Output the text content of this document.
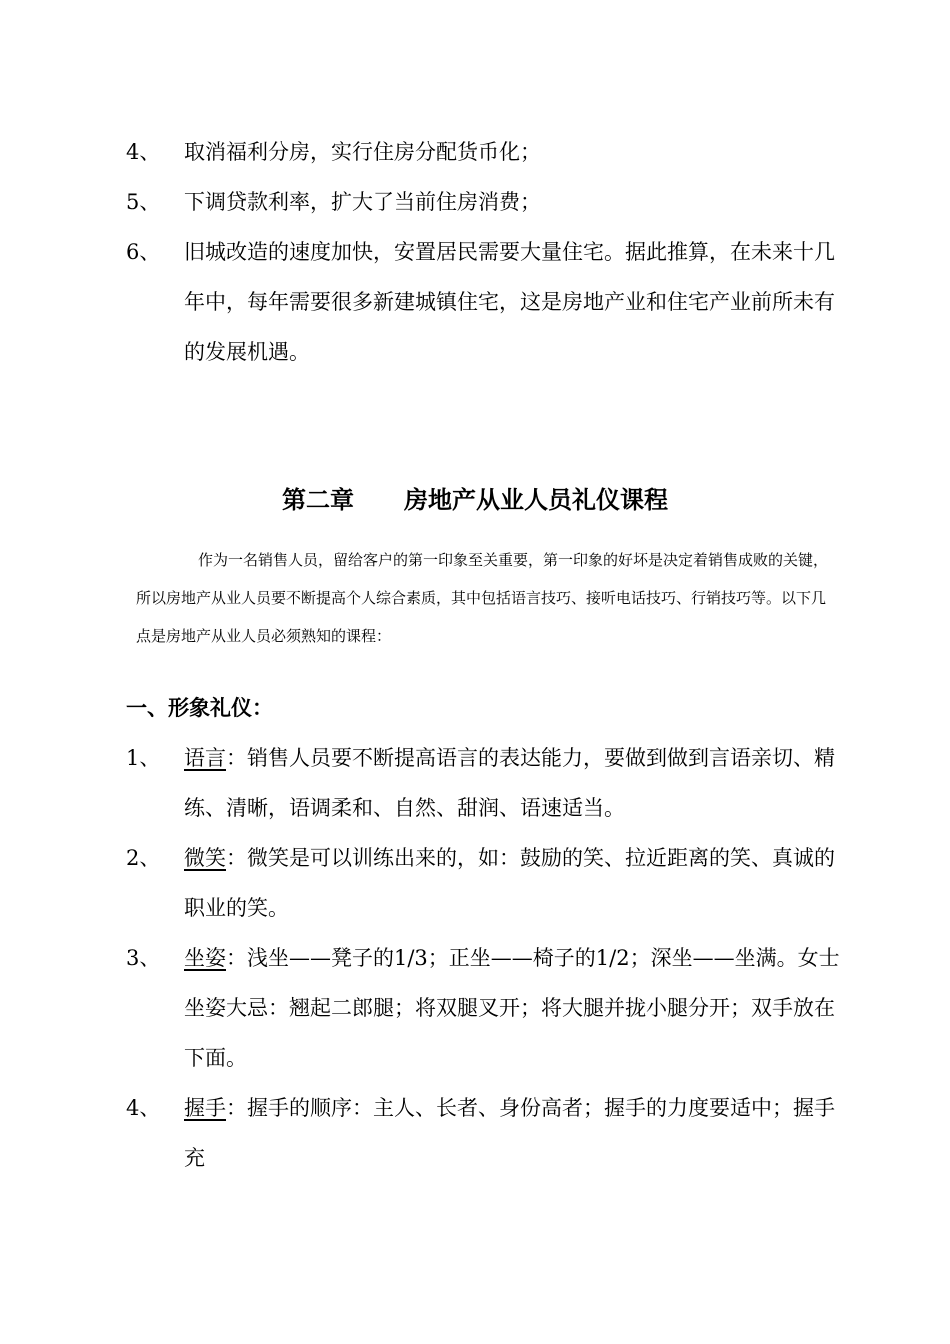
4、 取消福利分房，实行住房分配货币化；
5、 下调贷款利率，扩大了当前住房消费；
6、 旧城改造的速度加快，安置居民需要大量住宅。据此推算，在未来十几年中，每年需要很多新建城镇住宅，这是房地产业和住宅产业前所未有的发展机遇。
第二章 房地产从业人员礼仪课程
作为一名销售人员，留给客户的第一印象至关重要，第一印象的好坏是决定着销售成败的关键，所以房地产从业人员要不断提高个人综合素质，其中包括语言技巧、接听电话技巧、行销技巧等。以下几点是房地产从业人员必须熟知的课程：
一、形象礼仪：
1、 语言：销售人员要不断提高语言的表达能力，要做到做到言语亲切、精练、清晰，语调柔和、自然、甜润、语速适当。
2、 微笑：微笑是可以训练出来的，如：鼓励的笑、拉近距离的笑、真诚的职业的笑。
3、 坐姿：浅坐——凳子的1/3；正坐——椅子的1/2；深坐——坐满。女士坐姿大忌：翘起二郎腿；将双腿叉开；将大腿并拢小腿分开；双手放在下面。
4、 握手：握手的顺序：主人、长者、身份高者；握手的力度要适中；握手充
